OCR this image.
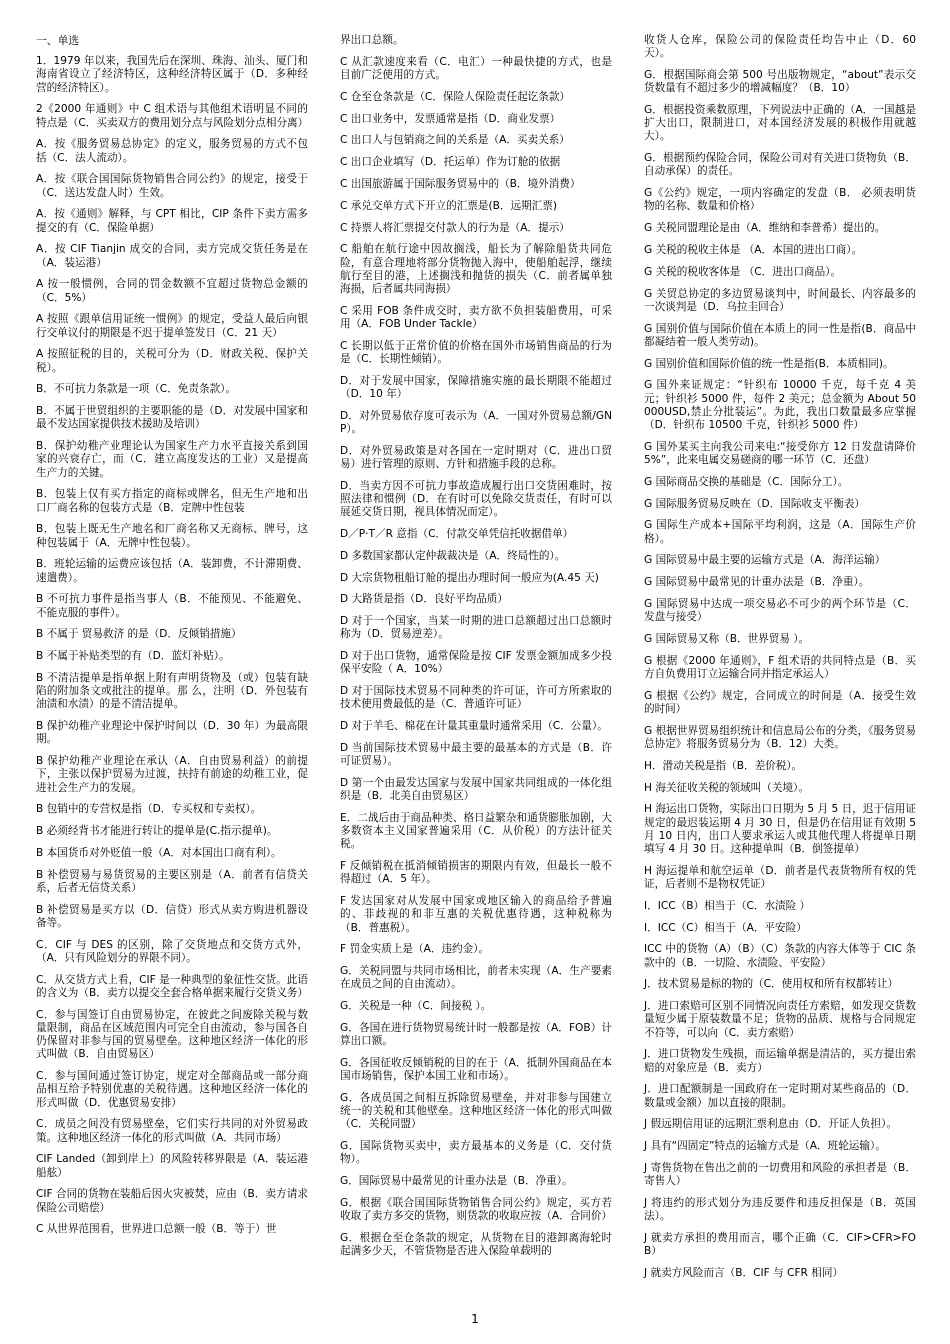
一、单选

1．1979 年以来，我国先后在深圳、珠海、汕头、厦门和海南省设立了经济特区，这种经济特区属于（D．多种经营的经济特区）。

2《2000 年通则》中 C 组术语与其他组术语明显不同的特点是（C．买卖双方的费用划分点与风险划分点相分离）

A．按《服务贸易总协定》的定义，服务贸易的方式不包括（C．法人流动）。

A．按《联合国国际货物销售合同公约》的规定，接受于（C．送达发盘人时）生效。

A．按《通则》解释，与 CPT 相比，CIP 条件下卖方需多提交的有（C．保险单据）

A．按 CIF Tianjin 成交的合同，卖方完成交货任务是在（A．装运港）

A 按一般惯例，合同的罚金数额不宜超过货物总金额的（C．5%）

A 按照《跟单信用证统一惯例》的规定，受益人最后向银行交单议付的期限是不迟于提单签发日（C．21 天）

A 按照征税的目的，关税可分为（D．财政关税、保护关税）。

B．不可抗力条款是一项（C．免责条款）。

B．不属于世贸组织的主要职能的是（D．对发展中国家和最不发达国家提供技术援助及培训）

B．保护幼稚产业理论认为国家生产力水平直接关系到国家的兴衰存亡，而（C．建立高度发达的工业）又是提高生产力的关键。

B．包装上仅有买方指定的商标或牌名，但无生产地和出口厂商名称的包装方式是（B．定牌中性包装

B．包装上既无生产地名和厂商名称又无商标、牌号，这种包装属于（A．无牌中性包装）。

B．班轮运输的运费应该包括（A．装卸费，不计滞期费、速遣费）。

B 不可抗力事件是指当事人（B．不能预见、不能避免、不能克服的事件）。

B 不属于 贸易救济 的是（D．反倾销措施）

B 不属于补贴类型的有（D．蓝灯补贴）。

B 不清洁提单是指单据上附有声明货物及（或）包装有缺陷的附加条文或批注的提单。那 么，注明（D．外包装有油渍和水渍）的是不清洁提单。

B 保护幼稚产业理论中保护时间以（D．30 年）为最高限期。

B 保护幼稚产业理论在承认（A．自由贸易利益）的前提下，主张以保护贸易为过渡，扶持有前途的幼稚工业，促进社会生产力的发展。

B 包销中的专营权是指（D．专买权和专卖权）。

B 必须经背书才能进行转让的提单是(C.指示提单)。

B 本国货币对外贬值一般（A．对本国出口商有利）。

B 补偿贸易与易货贸易的主要区别是（A．前者有信贷关系，后者无信贷关系）

B 补偿贸易是买方以（D．信贷）形式从卖方购进机器设备等。

C．CIF 与 DES 的区别，除了交货地点和交货方式外，（A．只有风险划分的界限不同）。

C．从交货方式上看，CIF 是一种典型的象征性交货。此语的含义为（B．卖方以提交全套合格单据来履行交货义务）

C．参与国签订自由贸易协定，在彼此之间废除关税与数量限制，商品在区域范围内可完全自由流动，参与国各自仍保留对非参与国的贸易壁垒。这种地区经济一体化的形式叫做（B．自由贸易区）

C．参与国间通过签订协定，规定对全部商品或一部分商品相互给予特别优惠的关税待遇。这种地区经济一体化的形式叫做（D．优惠贸易安排）

C．成员之间没有贸易壁垒，它们实行共同的对外贸易政策。这种地区经济一体化的形式叫做（A．共同市场）

CIF Landed（卸到岸上）的风险转移界限是（A．装运港船舷）

CIF 合同的货物在装船后因火灾被焚，应由（B．卖方请求保险公司赔偿）

C 从世界范围看，世界进口总额一般（B．等于）世

界出口总额。

C 从汇款速度来看（C．电汇）一种最快捷的方式，也是目前广泛使用的方式。

C 仓至仓条款是（C．保险人保险责任起讫条款）

C 出口业务中，发票通常是指（D．商业发票）

C 出口人与包销商之间的关系是（A．买卖关系）

C 出口企业填写（D．托运单）作为订舱的依据

C 出国旅游属于国际服务贸易中的（B．境外消费）

C 承兑交单方式下开立的汇票是(B．远期汇票)

C 持票人将汇票提交付款人的行为是（A．提示）

C 船舶在航行途中因故搁浅，船长为了解除船货共同危险，有意合理地将部分货物抛入海中，使船舶起浮，继续航行至目的港，上述搁浅和抛货的损失（C．前者属单独海损，后者属共同海损）

C 采用 FOB 条件成交时，卖方欲不负担装船费用，可采用（A．FOB Under Tackle）

C 长期以低于正常价值的价格在国外市场销售商品的行为是（C．长期性倾销）。

D．对于发展中国家，保障措施实施的最长期限不能超过（D．10 年）

D．对外贸易依存度可表示为（A．一国对外贸易总额/GNP）。

D．对外贸易政策是对各国在一定时期对（C．进出口贸易）进行管理的原则、方针和措施手段的总称。

D．当卖方因不可抗力事故造成履行出口交货困难时，按照法律和惯例（D．在有时可以免除交货责任，有时可以展延交货日期，视具体情况而定）。

D／P·T／R 意指（C．付款交单凭信托收据借单）

D 多数国家都认定仲裁裁决是（A．终局性的）。

D 大宗货物租船订舱的提出办理时间一般应为(A.45 天)

D 大路货是指（D．良好平均品质）

D 对于一个国家，当某一时期的进口总额超过出口总额时称为（D．贸易逆差）。

D 对于出口货物，通常保险是按 CIF 发票金额加成多少投保平安险（ A．10%）

D 对于国际技术贸易不同种类的许可证，许可方所索取的技术使用费最低的是（C．普通许可证）

D 对于羊毛、棉花在计量其重量时通常采用（C．公量）。

D 当前国际技术贸易中最主要的最基本的方式是（B．许可证贸易）。

D 第一个由最发达国家与发展中国家共同组成的一体化组织是（B．北美自由贸易区）

E．二战后由于商品种类、格日益繁杂和通货膨胀加剧，大多数资本主义国家普遍采用（C．从价税）的方法计征关税。

F 反倾销税在抵消倾销损害的期限内有效，但最长一般不得超过（A．5 年）。

F 发达国家对从发展中国家或地区输入的商品给予普遍的、非歧视的和非互惠的关税优惠待遇，这种税称为（B．普惠税）。

F 罚金实质上是（A．违约金）。

G．关税同盟与共同市场相比，前者未实现（A．生产要素在成员之间的自由流动）。

G．关税是一种（C．间接税 ）。

G．各国在进行货物贸易统计时一般都是按（A．FOB）计算出口额。

G．各国征收反倾销税的目的在于（A．抵制外国商品在本国市场销售，保护本国工业和市场）。

G．各成员国之间相互拆除贸易壁垒，并对非参与国建立统一的关税和其他壁垒。这种地区经济一体化的形式叫做（C．关税同盟）

G．国际货物买卖中，卖方最基本的义务是（C．交付货物）。

G．国际贸易中最常见的计重办法是（B．净重）。

G．根据《联合国国际货物销售合同公约》规定，买方若收取了卖方多交的货物，则货款的收取应按（A．合同价）

G．根据仓至仓条款的规定，从货物在目的港卸离海轮时起满多少天，不管货物是否进入保险单载明的

收货人仓库，保险公司的保险责任均告中止（D．60 天）。

G．根据国际商会第 500 号出版物规定，“about”表示交货数量有不超过多少的增减幅度？（B．10）

G．根据投资乘数原理，下列说法中正确的（A．一国越是扩大出口，限制进口，对本国经济发展的积极作用就越大）。

G．根据预约保险合同，保险公司对有关进口货物负（B．自动承保）的责任。

G《公约》规定，一项内容确定的发盘（B． 必须表明货物的名称、数量和价格）

G 关税同盟理论是由（A．维纳和李普希）提出的。

G 关税的税收主体是 （A．本国的进出口商）。

G 关税的税收客体是 （C．进出口商品）。

G 关贸总协定的多边贸易谈判中，时间最长、内容最多的一次谈判是（D．乌拉圭回合）

G 国别价值与国际价值在本质上的同一性是指(B．商品中都凝结着一般人类劳动)。

G 国别价值和国际价值的统一性是指(B．本质相同)。

G 国外来证规定：“针织布 10000 千克，每千克 4 美元；针织衫 5000 件，每件 2 美元；总金额为 About 50000USD,禁止分批装运”。为此，我出口数量最多应掌握（D．针织布 10500 千克，针织衫 5000 件）

G 国外某买主向我公司来电:“接受你方 12 日发盘请降价 5%”，此来电属交易磋商的哪一环节（C．还盘）

G 国际商品交换的基础是（C．国际分工）。

G 国际服务贸易反映在（D．国际收支平衡表）

G 国际生产成本+国际平均利润，这是（A．国际生产价格）。

G 国际贸易中最主要的运输方式是（A．海洋运输）

G 国际贸易中最常见的计重办法是（B．净重）。

G 国际贸易中达成一项交易必不可少的两个环节是（C．发盘与接受）

G 国际贸易又称（B．世界贸易 ）。

G 根据《2000 年通则》，F 组术语的共同特点是（B．买方自负费用订立运输合同并指定承运人）

G 根据《公约》规定，合同成立的时间是（A．接受生效的时间）

G 根据世界贸易组织统计和信息局公布的分类，《服务贸易总协定》将服务贸易分为（B．12）大类。

H．滑动关税是指（B．差价税）。

H 海关征收关税的领域叫（关境）。

H 海运出口货物，实际出口日期为 5 月 5 日，迟于信用证规定的最迟装运期 4 月 30 日，但是仍在信用证有效期 5 月 10 日内，出口人要求承运人或其他代理人将提单日期填写 4 月 30 日。这种提单叫（B．倒签提单）

H 海运提单和航空运单（D．前者是代表货物所有权的凭证，后者则不是物权凭证）

I．ICC（B）相当于（C．水渍险 ）

I．ICC（C）相当于（A．平安险）

ICC 中的货物（A）（B）（C）条款的内容大体等于 CIC 条款中的（B．一切险、水渍险、平安险）

J．技术贸易是标的物的（C．使用权和所有权都转让）

J．进口索赔可区别不同情况向责任方索赔，如发现交货数量短少属于原装数量不足；货物的品质、规格与合同规定不符等，可以向（C．卖方索赔）

J．进口货物发生残损，而运输单据是清洁的，买方提出索赔的对象应是（B．卖方）

J．进口配额制是一国政府在一定时期对某些商品的（D．数量或金额）加以直接的限制。

J 假远期信用证的远期汇票利息由（D．开证人负担）。

J 具有“四固定”特点的运输方式是（A．班轮运输）。

J 寄售货物在售出之前的一切费用和风险的承担者是（B．寄售人）

J 将违约的形式划分为违反要件和违反担保是（B．英国法）。

J 就卖方承担的费用而言，哪个正确（C．CIF>CFR>FOB）

J 就卖方风险而言（B．CIF 与 CFR 相同）

1
